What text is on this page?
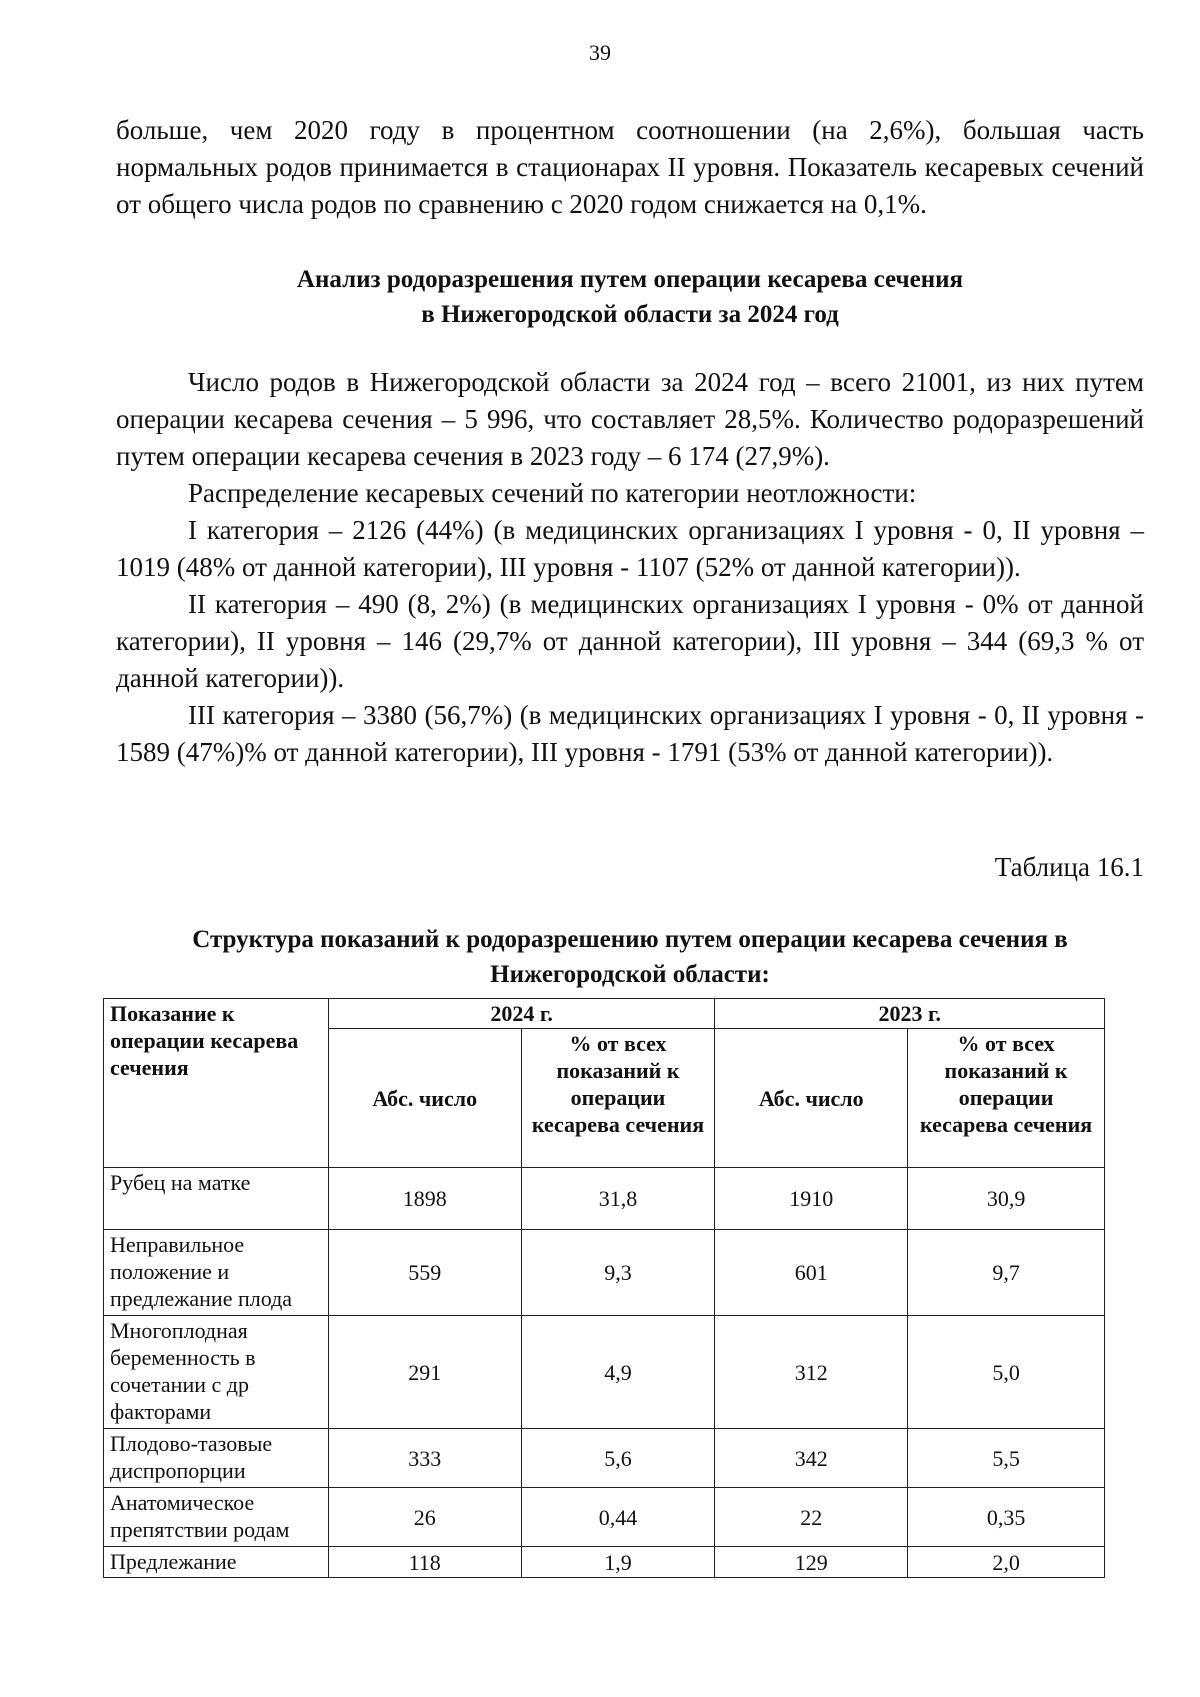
39

больше, чем 2020 году в процентном соотношении (на 2,6%), большая часть нормальных родов принимается в стационарах II уровня. Показатель кесаревых сечений от общего числа родов по сравнению с 2020 годом снижается на 0,1%.

Анализ родоразрешения путем операции кесарева сечения
в Нижегородской области за 2024 год

Число родов в Нижегородской области за 2024 год – всего 21001, из них путем операции кесарева сечения – 5 996, что составляет 28,5%. Количество родоразрешений путем операции кесарева сечения в 2023 году – 6 174 (27,9%).

Распределение кесаревых сечений по категории неотложности:

I категория – 2126 (44%) (в медицинских организациях I уровня - 0, II уровня – 1019 (48% от данной категории), III уровня - 1107 (52% от данной категории)).

II категория – 490 (8, 2%) (в медицинских организациях I уровня - 0% от данной категории), II уровня – 146 (29,7% от данной категории), III уровня – 344 (69,3 % от данной категории)).

III категория – 3380 (56,7%) (в медицинских организациях I уровня - 0, II уровня - 1589 (47%)% от данной категории), III уровня - 1791 (53% от данной категории)).

Таблица 16.1
Структура показаний к родоразрешению путем операции кесарева сечения в
Нижегородской области:
Показание к операции кесарева сечения	2024 г.		2023 г.	
	Абс. число	% от всех показаний к операции кесарева сечения	Абс. число	% от всех показаний к операции кесарева сечения
Рубец на матке	1898	31,8	1910	30,9
Неправильное положение и предлежание плода	559	9,3	601	9,7
Многоплодная беременность в сочетании с др факторами	291	4,9	312	5,0
Плодово-тазовые диспропорции	333	5,6	342	5,5
Анатомическое препятствии родам	26	0,44	22	0,35
Предлежание	118	1,9	129	2,0
